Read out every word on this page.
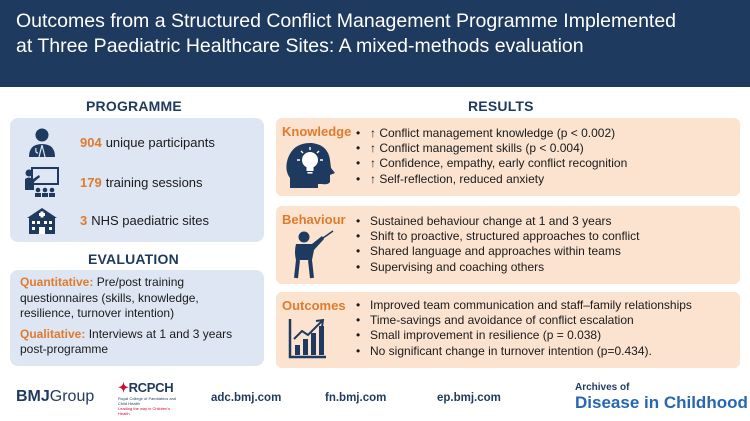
Outcomes from a Structured Conflict Management Programme Implemented
at Three Paediatric Healthcare Sites: A mixed-methods evaluation
PROGRAMME
904 unique participants
179 training sessions
3 NHS paediatric sites
EVALUATION

Quantitative: Pre/post training questionnaires (skills, knowledge, resilience, turnover intention)

Qualitative: Interviews at 1 and 3 years post-programme

RESULTS
Knowledge	• ↑ Conflict management knowledge (p < 0.002)
• ↑ Conflict management skills (p < 0.004)
• ↑ Confidence, empathy, early conflict recognition
• ↑ Self-reflection, reduced anxiety
Behaviour	• Sustained behaviour change at 1 and 3 years
• Shift to proactive, structured approaches to conflict
• Shared language and approaches within teams
• Supervising and coaching others
Outcomes	• Improved team communication and staff–family relationships
• Time-savings and avoidance of conflict escalation
• Small improvement in resilience (p = 0.038)
• No significant change in turnover intention (p=0.434).
BMJGroup
✦RCPCH
Royal College of Paediatrics and Child Health
Leading the way in Children's Health
adc.bmj.com	fn.bmj.com	ep.bmj.com
Archives of
Disease in Childhood
